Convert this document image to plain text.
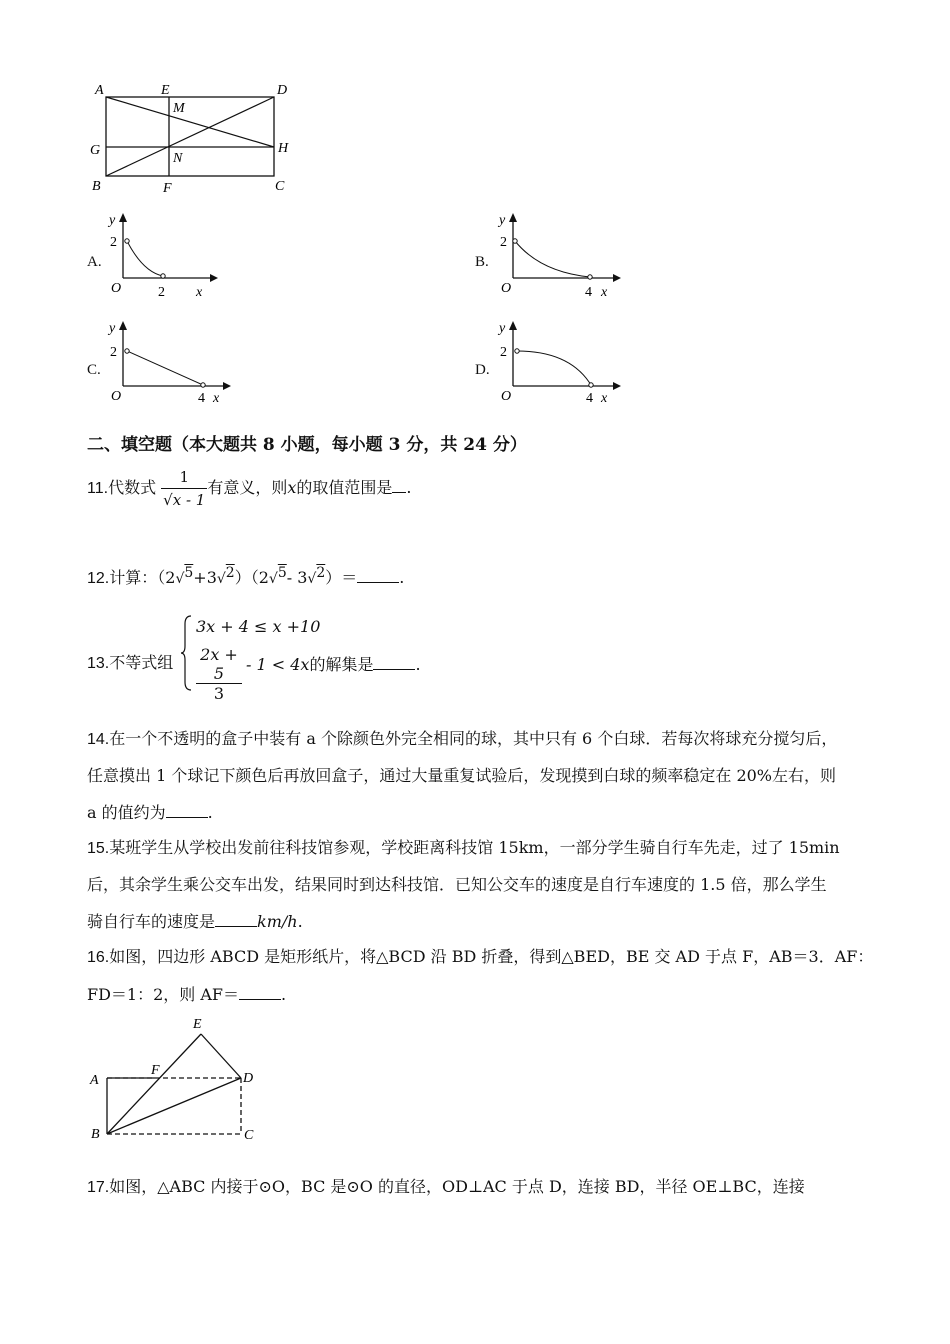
A	E	D
M
G
N
H
B	F	C
A.
y
2
O	2 x
B.
y
2
O	4 x
C.
y
2
O	4 x
D.
y
2
O	4 x
二、填空题（本大题共 8 小题，每小题 3 分，共 24 分）
11.代数式 $\frac{1}{√x - 1}$ 有意义，则x的取值范围是 .
12.计算：（2√5+3√2）（2√5- 3√2）＝	.
13.不等式组
3x + 4 ≤ x +10
2x + 5
3
- 1 < 4x的解集是	.
14.在一个不透明的盒子中装有 a 个除颜色外完全相同的球，其中只有 6 个白球．若每次将球充分搅匀后，
任意摸出 1 个球记下颜色后再放回盒子，通过大量重复试验后，发现摸到白球的频率稳定在 20%左右，则
a 的值约为	.
15.某班学生从学校出发前往科技馆参观，学校距离科技馆 15km，一部分学生骑自行车先走，过了 15min
后，其余学生乘公交车出发，结果同时到达科技馆．已知公交车的速度是自行车速度的 1.5 倍，那么学生
骑自行车的速度是	km/h.
16.如图，四边形 ABCD 是矩形纸片，将△BCD 沿 BD 折叠，得到△BED，BE 交 AD 于点 F，AB＝3．AF：
FD＝1：2，则 AF＝	.
E
A
F
D
B	C
17.如图，△ABC 内接于⊙O，BC 是⊙O 的直径，OD⊥AC 于点 D，连接 BD，半径 OE⊥BC，连接
